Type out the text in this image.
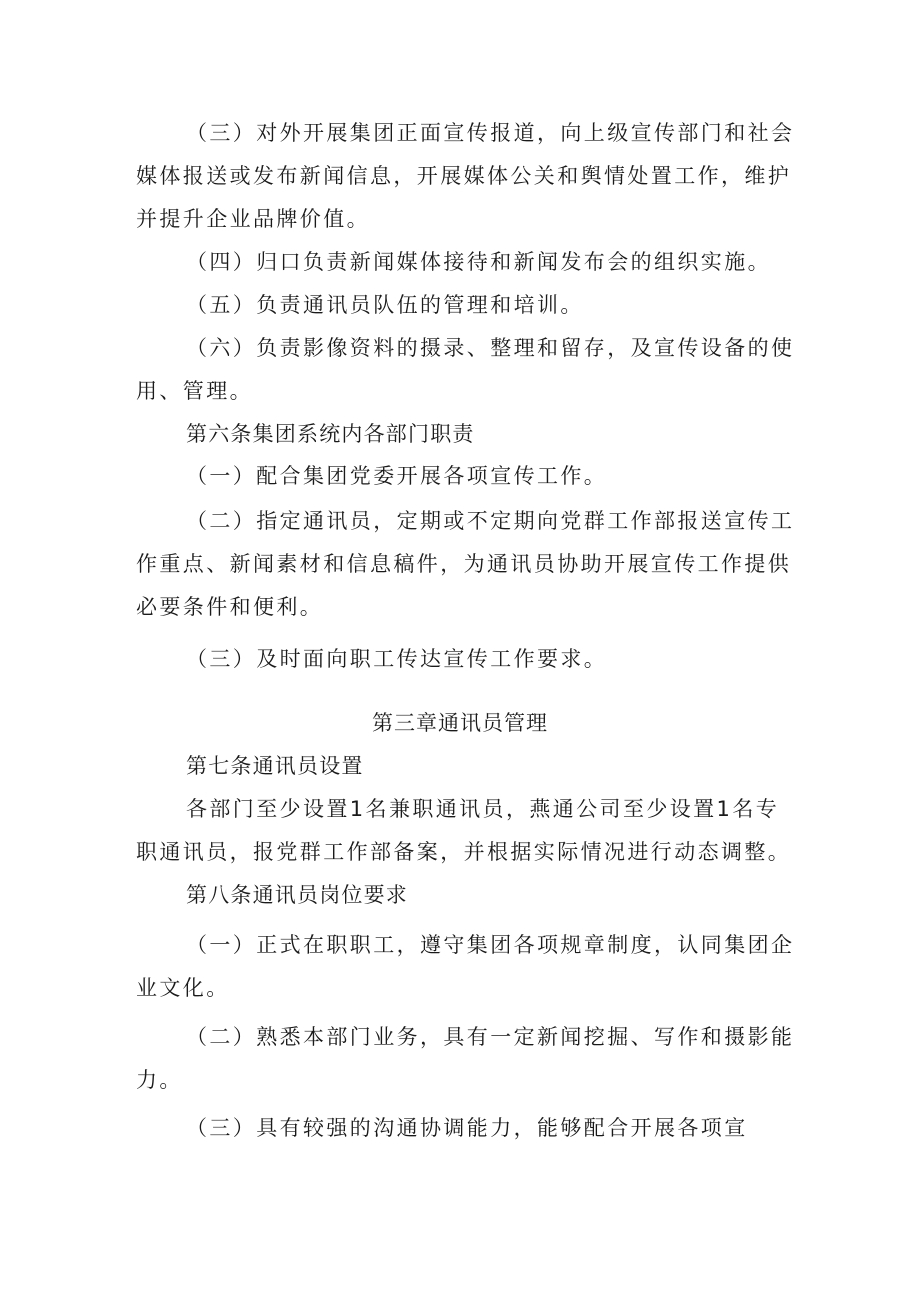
（三）对外开展集团正面宣传报道，向上级宣传部门和社会
媒体报送或发布新闻信息，开展媒体公关和舆情处置工作，维护
并提升企业品牌价值。
（四）归口负责新闻媒体接待和新闻发布会的组织实施。
（五）负责通讯员队伍的管理和培训。
（六）负责影像资料的摄录、整理和留存，及宣传设备的使
用、管理。
第六条集团系统内各部门职责
（一）配合集团党委开展各项宣传工作。
（二）指定通讯员，定期或不定期向党群工作部报送宣传工
作重点、新闻素材和信息稿件，为通讯员协助开展宣传工作提供
必要条件和便利。
（三）及时面向职工传达宣传工作要求。
第三章通讯员管理
第七条通讯员设置
各部门至少设置1名兼职通讯员，燕通公司至少设置1名专
职通讯员，报党群工作部备案，并根据实际情况进行动态调整。
第八条通讯员岗位要求
（一）正式在职职工，遵守集团各项规章制度，认同集团企
业文化。
（二）熟悉本部门业务，具有一定新闻挖掘、写作和摄影能
力。
（三）具有较强的沟通协调能力，能够配合开展各项宣
